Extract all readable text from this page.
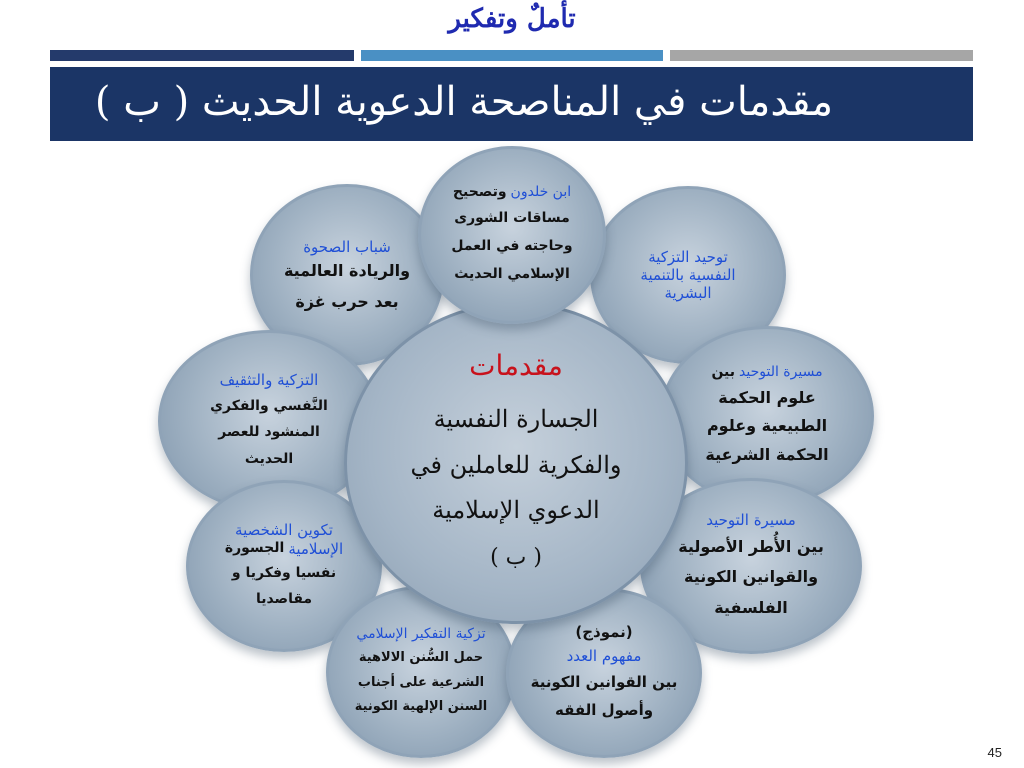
تأملٌ وتفكير
مقدمات في المناصحة الدعوية الحديث ( ب )
شباب الصحوة
والريادة العالمية
بعد حرب غزة
توحيد التزكية
النفسية بالتنمية
البشرية
التزكية والتثقيف
النَّفسي والفكري
المنشود للعصر
الحديث
مسيرة التوحيد
بين
علوم الحكمة
الطبيعية وعلوم
الحكمة الشرعية
تكوين الشخصية
الإسلامية
الجسورة
نفسيا وفكريا و
مقاصديا
مسيرة التوحيد
بين الأُطر الأصولية
والقوانين الكونية
الفلسفية
تزكية التفكير الإسلامي
حمل السُّنن الالاهية
الشرعية على أجناب
السنن الإلهية الكونية
(نموذج)
مفهوم العدد
بين القوانين الكونية
وأصول الفقه
مقدمات
الجسارة النفسية
والفكرية للعاملين في
الدعوي الإسلامية
( ب )
ابن خلدون
وتصحيح
مساقات الشورى
وحاجته في العمل
الإسلامي الحديث
45
